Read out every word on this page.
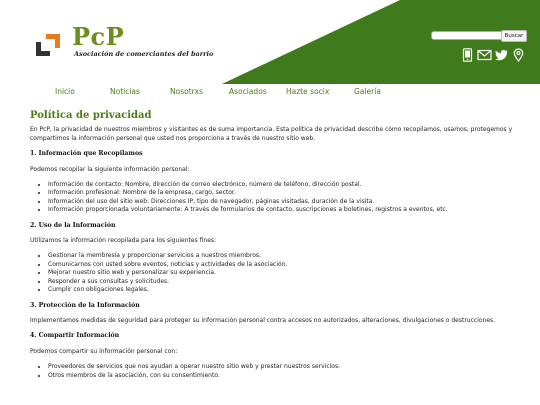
PcP
Asociación de comerciantes del barrio
Buscar
Inicio	Noticias	Nosotrxs	Asociados	Hazte socix	Galería
Política de privacidad

En PcP, la privacidad de nuestros miembros y visitantes es de suma importancia. Esta política de privacidad describe cómo recopilamos, usamos, protegemos y compartimos la información personal que usted nos proporciona a través de nuestro sitio web.

1. Información que Recopilamos

Podemos recopilar la siguiente información personal:

• Información de contacto: Nombre, dirección de correo electrónico, número de teléfono, dirección postal.
• Información profesional: Nombre de la empresa, cargo, sector.
• Información del uso del sitio web: Direcciones IP, tipo de navegador, páginas visitadas, duración de la visita.
• Información proporcionada voluntariamente: A través de formularios de contacto, suscripciones a boletines, registros a eventos, etc.
2. Uso de la Información

Utilizamos la información recopilada para los siguientes fines:

• Gestionar la membresía y proporcionar servicios a nuestros miembros.
• Comunicarnos con usted sobre eventos, noticias y actividades de la asociación.
• Mejorar nuestro sitio web y personalizar su experiencia.
• Responder a sus consultas y solicitudes.
• Cumplir con obligaciones legales.
3. Protección de la Información

Implementamos medidas de seguridad para proteger su información personal contra accesos no autorizados, alteraciones, divulgaciones o destrucciones.

4. Compartir Información

Podemos compartir su información personal con:

• Proveedores de servicios que nos ayudan a operar nuestro sitio web y prestar nuestros servicios.
• Otros miembros de la asociación, con su consentimiento.
